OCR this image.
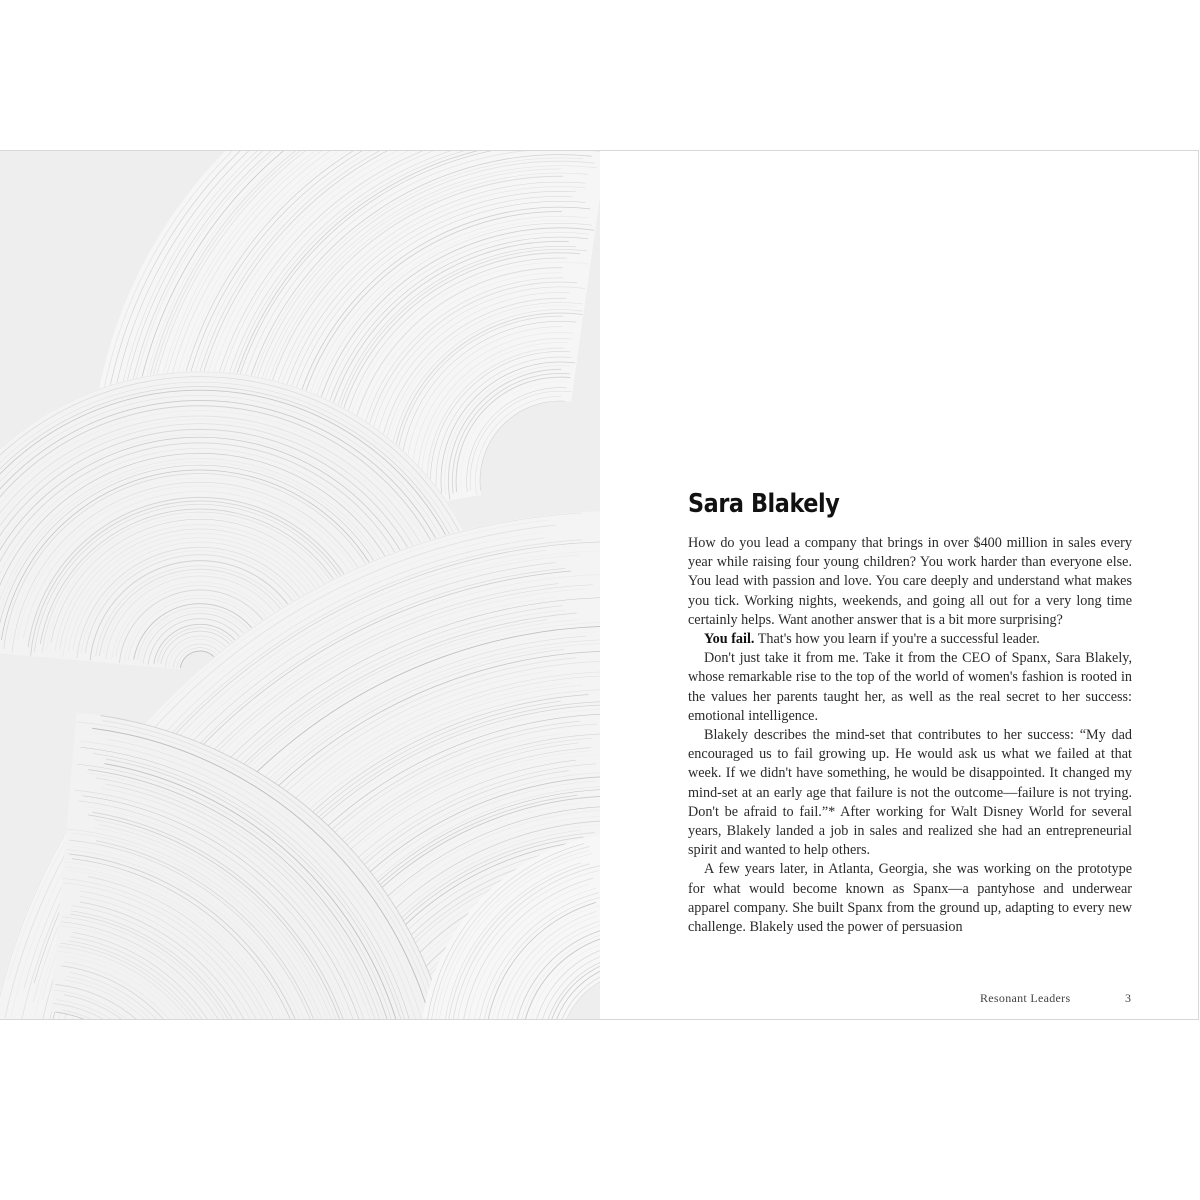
Sara Blakely

How do you lead a company that brings in over $400 million in sales every year while raising four young children? You work harder than everyone else. You lead with passion and love. You care deeply and understand what makes you tick. Working nights, weekends, and going all out for a very long time certainly helps. Want another answer that is a bit more surprising?

You fail. That's how you learn if you're a successful leader.

Don't just take it from me. Take it from the CEO of Spanx, Sara Blakely, whose remarkable rise to the top of the world of women's fashion is rooted in the values her parents taught her, as well as the real secret to her success: emotional intelligence.

Blakely describes the mind-set that contributes to her success: “My dad encouraged us to fail growing up. He would ask us what we failed at that week. If we didn't have something, he would be disappointed. It changed my mind-set at an early age that failure is not the outcome—failure is not trying. Don't be afraid to fail.”* After working for Walt Disney World for several years, Blakely landed a job in sales and realized she had an entrepreneurial spirit and wanted to help others.

A few years later, in Atlanta, Georgia, she was working on the prototype for what would become known as Spanx—a pantyhose and underwear apparel company. She built Spanx from the ground up, adapting to every new challenge. Blakely used the power of persuasion

Resonant Leaders	3
